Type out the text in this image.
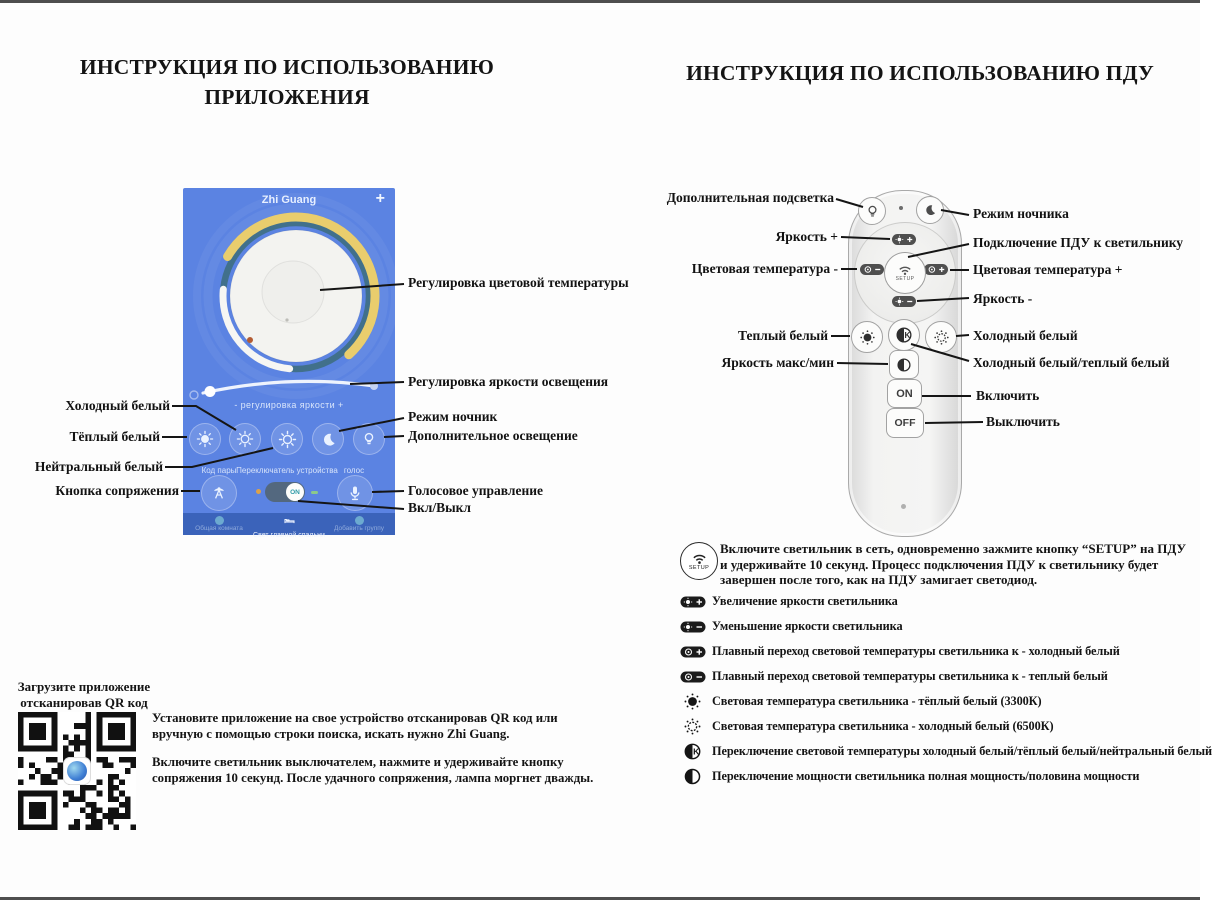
ИНСТРУКЦИЯ ПО ИСПОЛЬЗОВАНИЮ
ПРИЛОЖЕНИЯ
ИНСТРУКЦИЯ ПО ИСПОЛЬЗОВАНИЮ ПДУ
Zhi Guang	+
- регулировка яркости +
Код пары Переключатель устройства голос
ON
Общая комната
Свет главной спальни
Добавить группу
Холодный белый
Тёплый белый
Нейтральный белый
Кнопка сопряжения
Регулировка цветовой температуры
Регулировка яркости освещения
Режим ночник
Дополнительное освещение
Голосовое управление
Вкл/Выкл
SETUP
ON
OFF
Дополнительная подсветка
Режим ночника
Яркость +	Подключение ПДУ к светильнику
Цветовая температура -	Цветовая температура +
Яркость -
Теплый белый	Холодный белый
Яркость макс/мин	Холодный белый/теплый белый
Включить
Выключить
SETUP
Включите светильник в сеть, одновременно зажмите кнопку “SETUP” на ПДУ и удерживайте 10 секунд. Процесс подключения ПДУ к светильнику будет завершен после того, как на ПДУ замигает светодиод.
Увеличение яркости светильника
Уменьшение яркости светильника
Плавный переход световой температуры светильника к - холодный белый
Плавный переход световой температуры светильника к - теплый белый
Световая температура светильника - тёплый белый (3300К)
Световая температура светильника - холодный белый (6500К)
Переключение световой температуры холодный белый/тёплый белый/нейтральный белый
Переключение мощности светильника полная мощность/половина мощности
Загрузите приложение
отсканировав QR код
Установите приложение на свое устройство отсканировав QR код или вручную с помощью строки поиска, искать нужно Zhi Guang.
Включите светильник выключателем, нажмите и удерживайте кнопку сопряжения 10 секунд. После удачного сопряжения, лампа моргнет дважды.
